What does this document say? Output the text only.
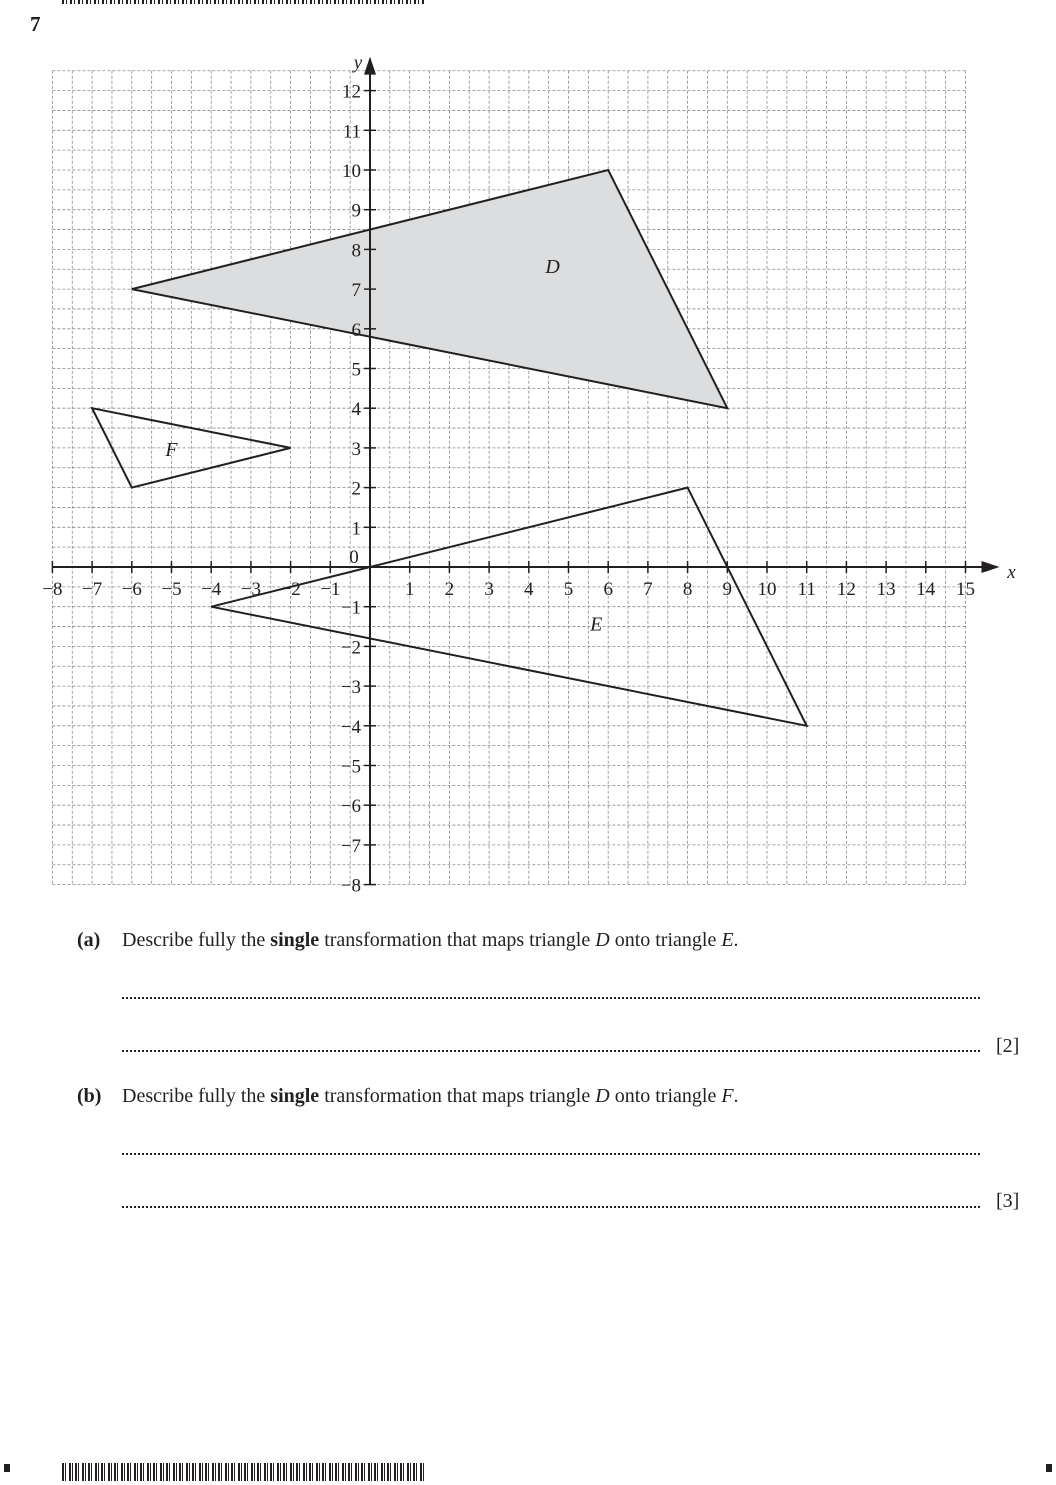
7
D
E
F
−8 −7 −6 −5 −4 −3 −2 −1	1 2 3 4 5 6 7 8 9 10 11 12 13 14 15
−8
−7
−6
−5
−4
−3
−2
−1
1
2
3
4
5
6
7
8
9
10
11
12
0
x
y
(a) Describe fully the single transformation that maps triangle D onto triangle E.
[2]
(b) Describe fully the single transformation that maps triangle D onto triangle F.
[3]
